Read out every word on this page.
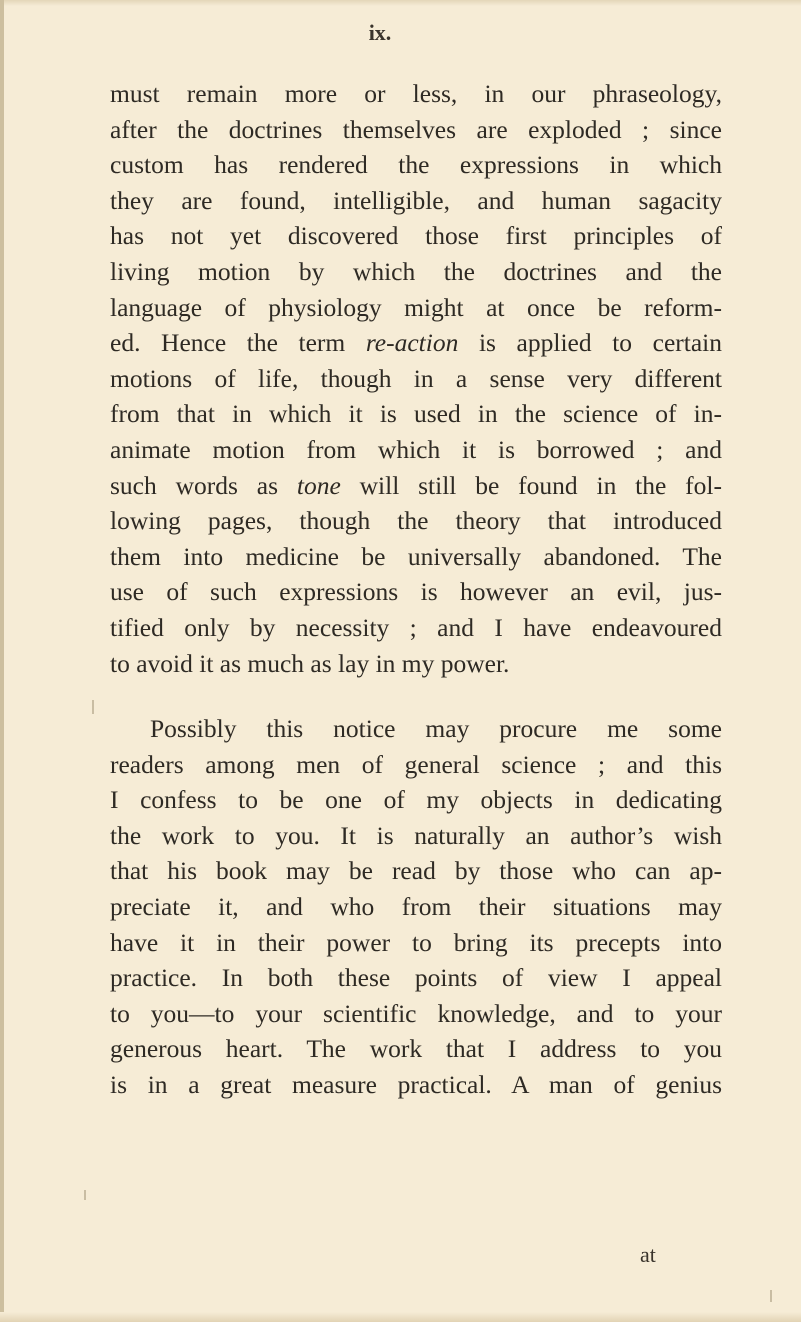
ix.
must remain more or less, in our phraseology,
after the doctrines themselves are exploded ; since
custom has rendered the expressions in which
they are found, intelligible, and human sagacity
has not yet discovered those first principles of
living motion by which the doctrines and the
language of physiology might at once be reform-
ed. Hence the term re-action is applied to certain
motions of life, though in a sense very different
from that in which it is used in the science of in-
animate motion from which it is borrowed ; and
such words as tone will still be found in the fol-
lowing pages, though the theory that introduced
them into medicine be universally abandoned. The
use of such expressions is however an evil, jus-
tified only by necessity ; and I have endeavoured
to avoid it as much as lay in my power.
Possibly this notice may procure me some
readers among men of general science ; and this
I confess to be one of my objects in dedicating
the work to you. It is naturally an author’s wish
that his book may be read by those who can ap-
preciate it, and who from their situations may
have it in their power to bring its precepts into
practice. In both these points of view I appeal
to you—to your scientific knowledge, and to your
generous heart. The work that I address to you
is in a great measure practical. A man of genius
at
